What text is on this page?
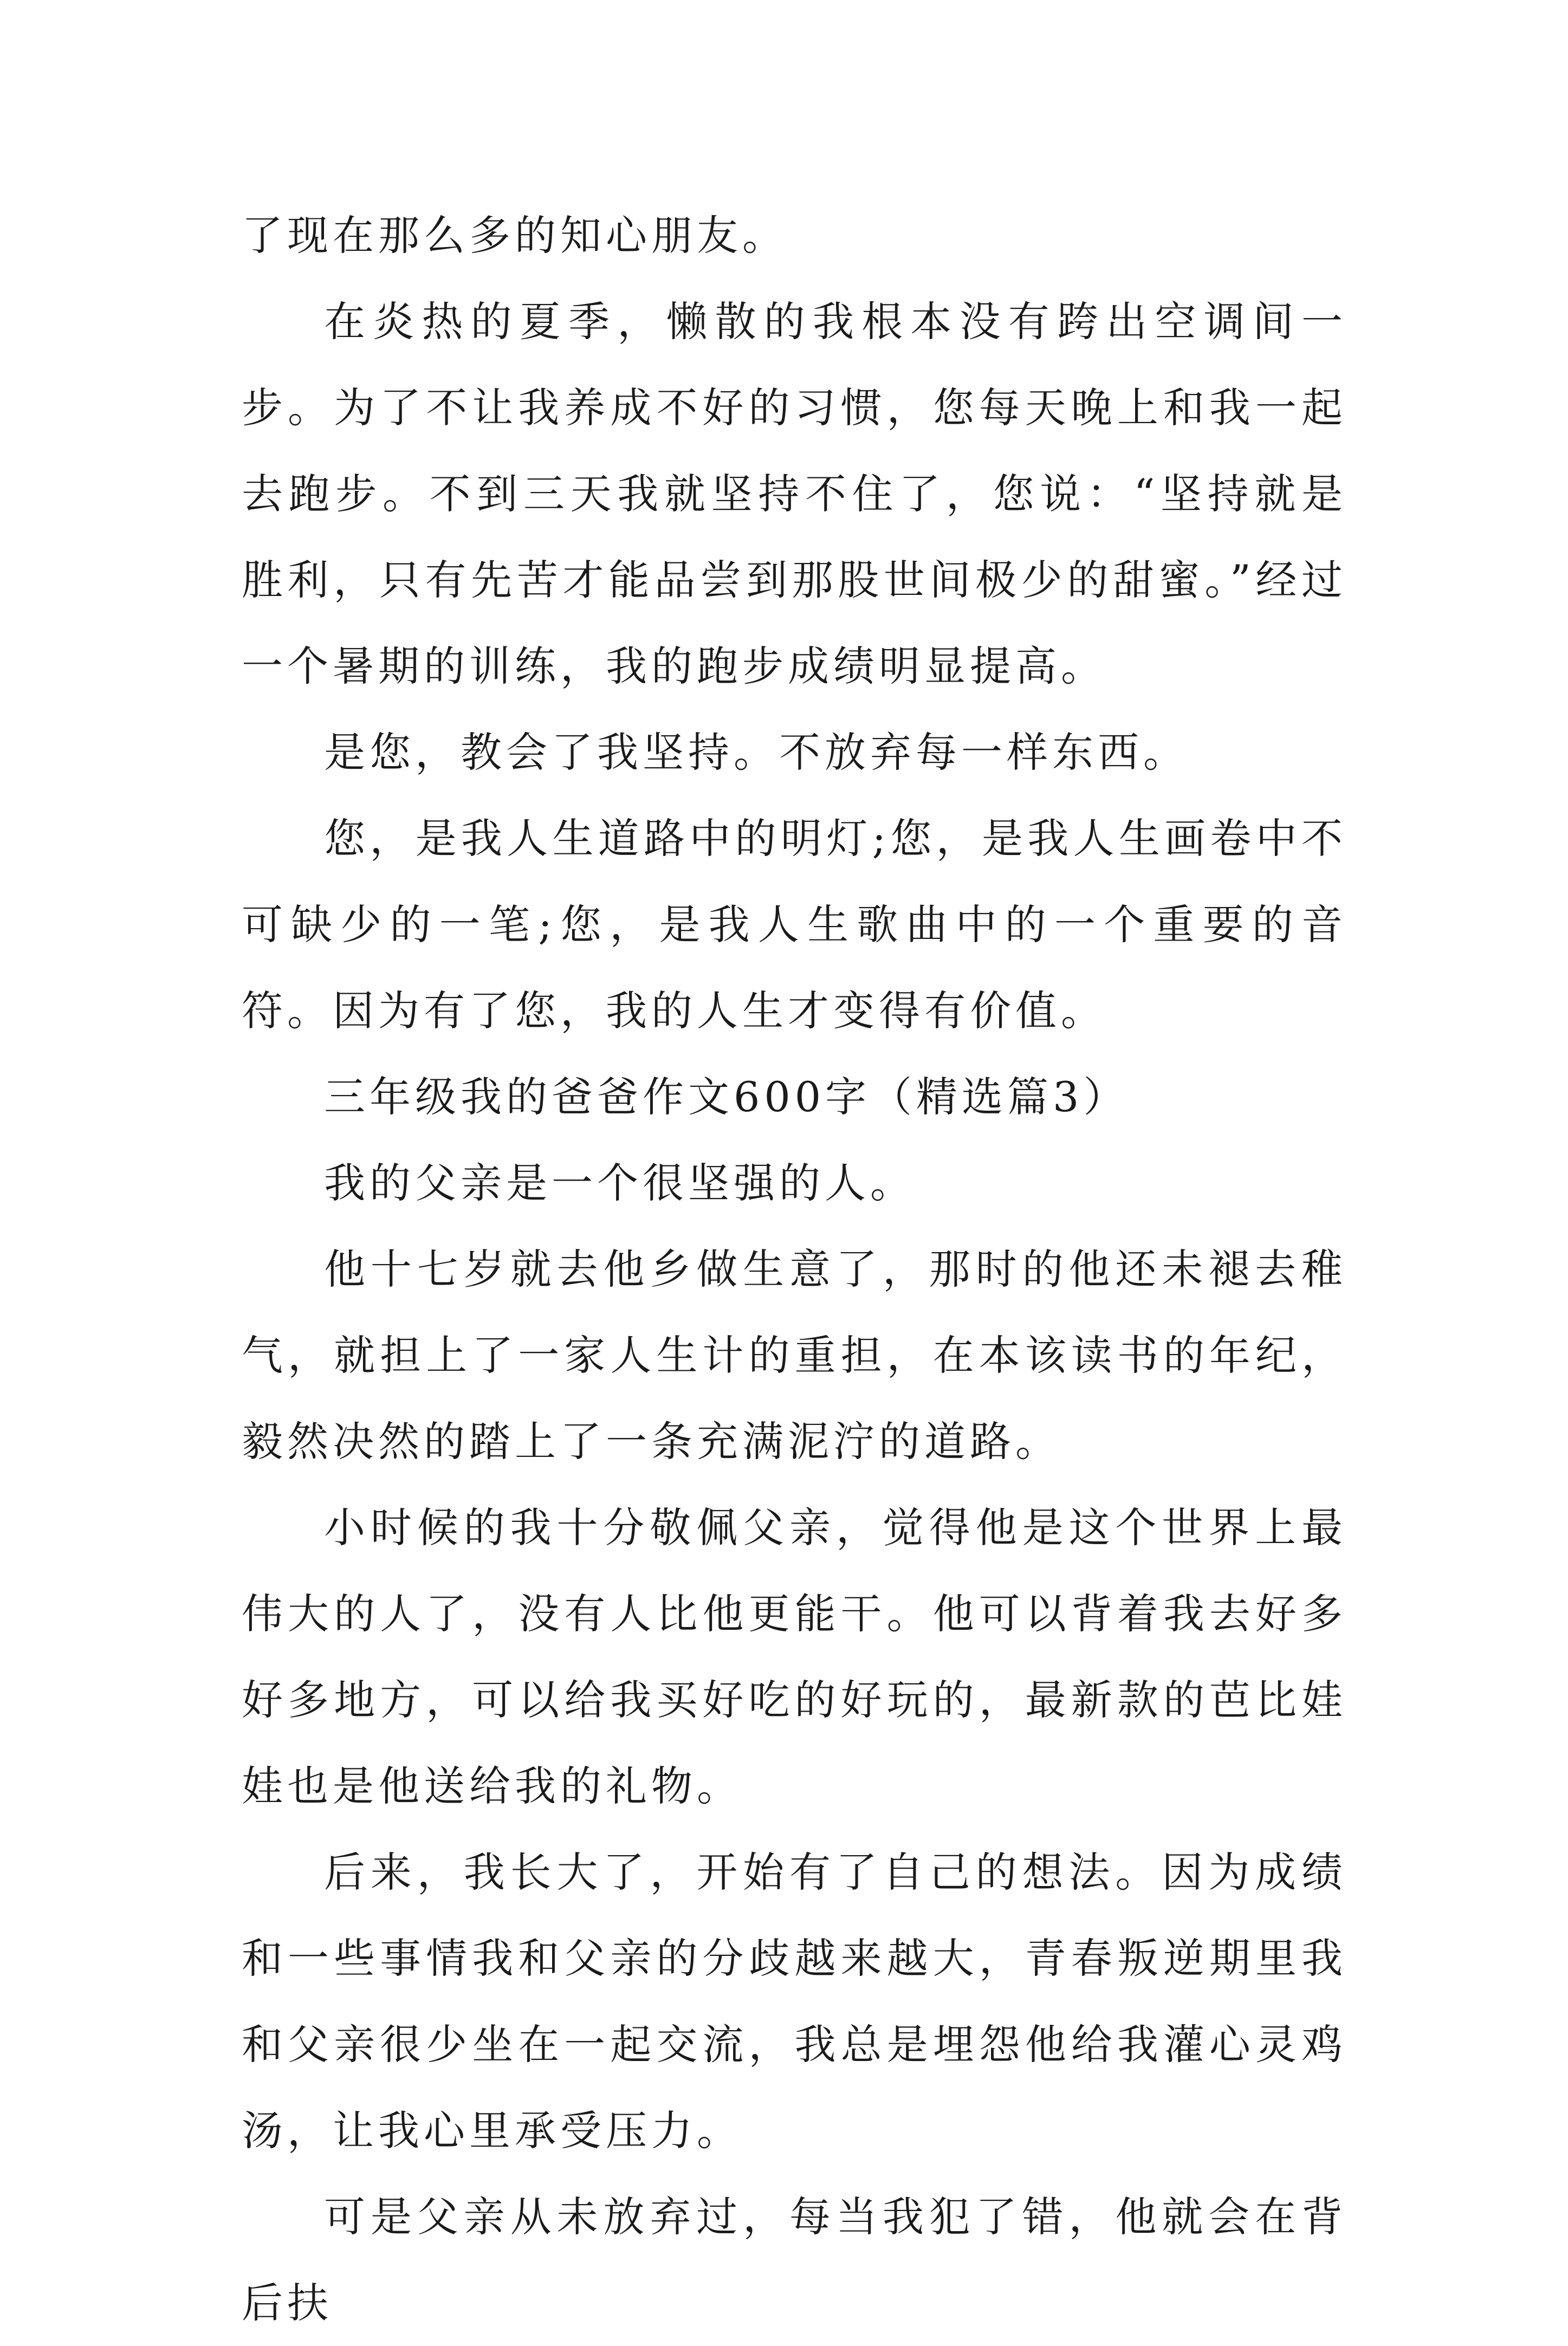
了现在那么多的知心朋友。

在炎热的夏季，懒散的我根本没有跨出空调间一步。为了不让我养成不好的习惯，您每天晚上和我一起去跑步。不到三天我就坚持不住了，您说：“坚持就是胜利，只有先苦才能品尝到那股世间极少的甜蜜。”经过一个暑期的训练，我的跑步成绩明显提高。

是您，教会了我坚持。不放弃每一样东西。

您，是我人生道路中的明灯;您，是我人生画卷中不可缺少的一笔;您，是我人生歌曲中的一个重要的音符。因为有了您，我的人生才变得有价值。

三年级我的爸爸作文600字（精选篇3）

我的父亲是一个很坚强的人。

他十七岁就去他乡做生意了，那时的他还未褪去稚气，就担上了一家人生计的重担，在本该读书的年纪，毅然决然的踏上了一条充满泥泞的道路。

小时候的我十分敬佩父亲，觉得他是这个世界上最伟大的人了，没有人比他更能干。他可以背着我去好多好多地方，可以给我买好吃的好玩的，最新款的芭比娃娃也是他送给我的礼物。

后来，我长大了，开始有了自己的想法。因为成绩和一些事情我和父亲的分歧越来越大，青春叛逆期里我和父亲很少坐在一起交流，我总是埋怨他给我灌心灵鸡汤，让我心里承受压力。

可是父亲从未放弃过，每当我犯了错，他就会在背后扶
